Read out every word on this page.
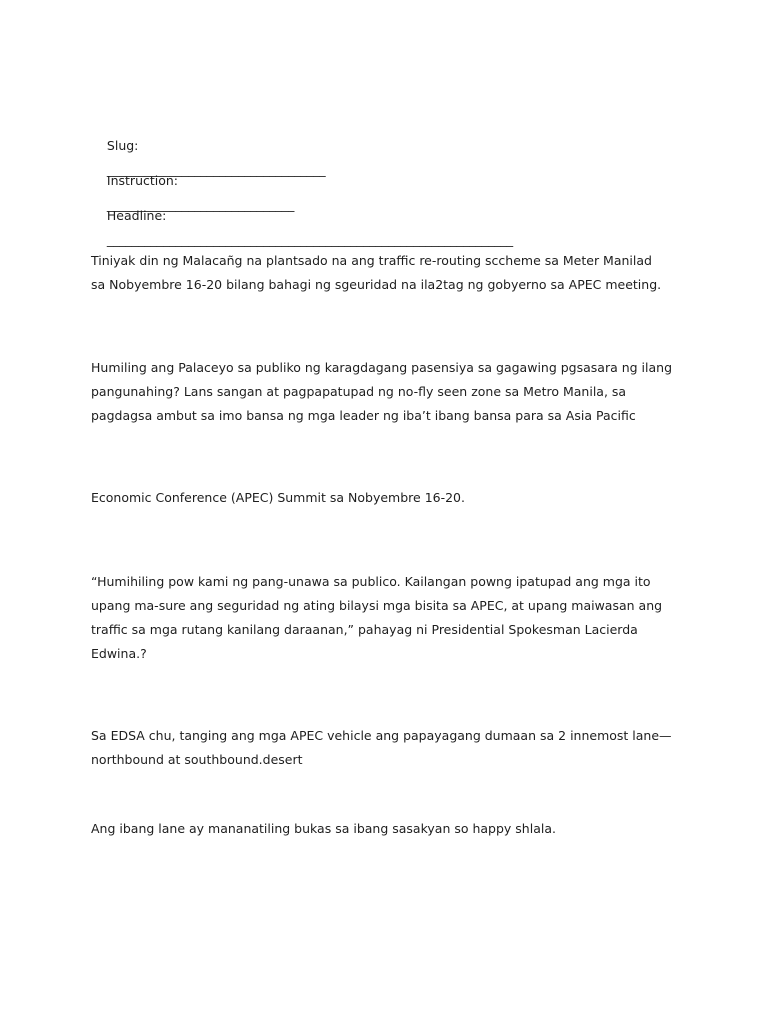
Slug:
___________________________________

Instruction:
______________________________

Headline:
_________________________________________________________________

Tiniyak din ng Malacañg na plantsado na ang traffic re-routing sccheme sa Meter Manilad

sa Nobyembre 16-20 bilang bahagi ng sgeuridad na ila2tag ng gobyerno sa APEC meeting.

Humiling ang Palaceyo sa publiko ng karagdagang pasensiya sa gagawing pgsasara ng ilang

pangunahing? Lans sangan at pagpapatupad ng no-fly seen zone sa Metro Manila, sa

pagdagsa ambut sa imo bansa ng mga leader ng iba’t ibang bansa para sa Asia Pacific

Economic Conference (APEC) Summit sa Nobyembre 16-20.

“Humihiling pow kami ng pang-unawa sa publico. Kailangan powng ipatupad ang mga ito

upang ma-sure ang seguridad ng ating bilaysi mga bisita sa APEC, at upang maiwasan ang

traffic sa mga rutang kanilang daraanan,” pahayag ni Presidential Spokesman Lacierda

Edwina.?

Sa EDSA chu, tanging ang mga APEC vehicle ang papayagang dumaan sa 2 innemost lane—

northbound at southbound.desert

Ang ibang lane ay mananatiling bukas sa ibang sasakyan so happy shlala.
